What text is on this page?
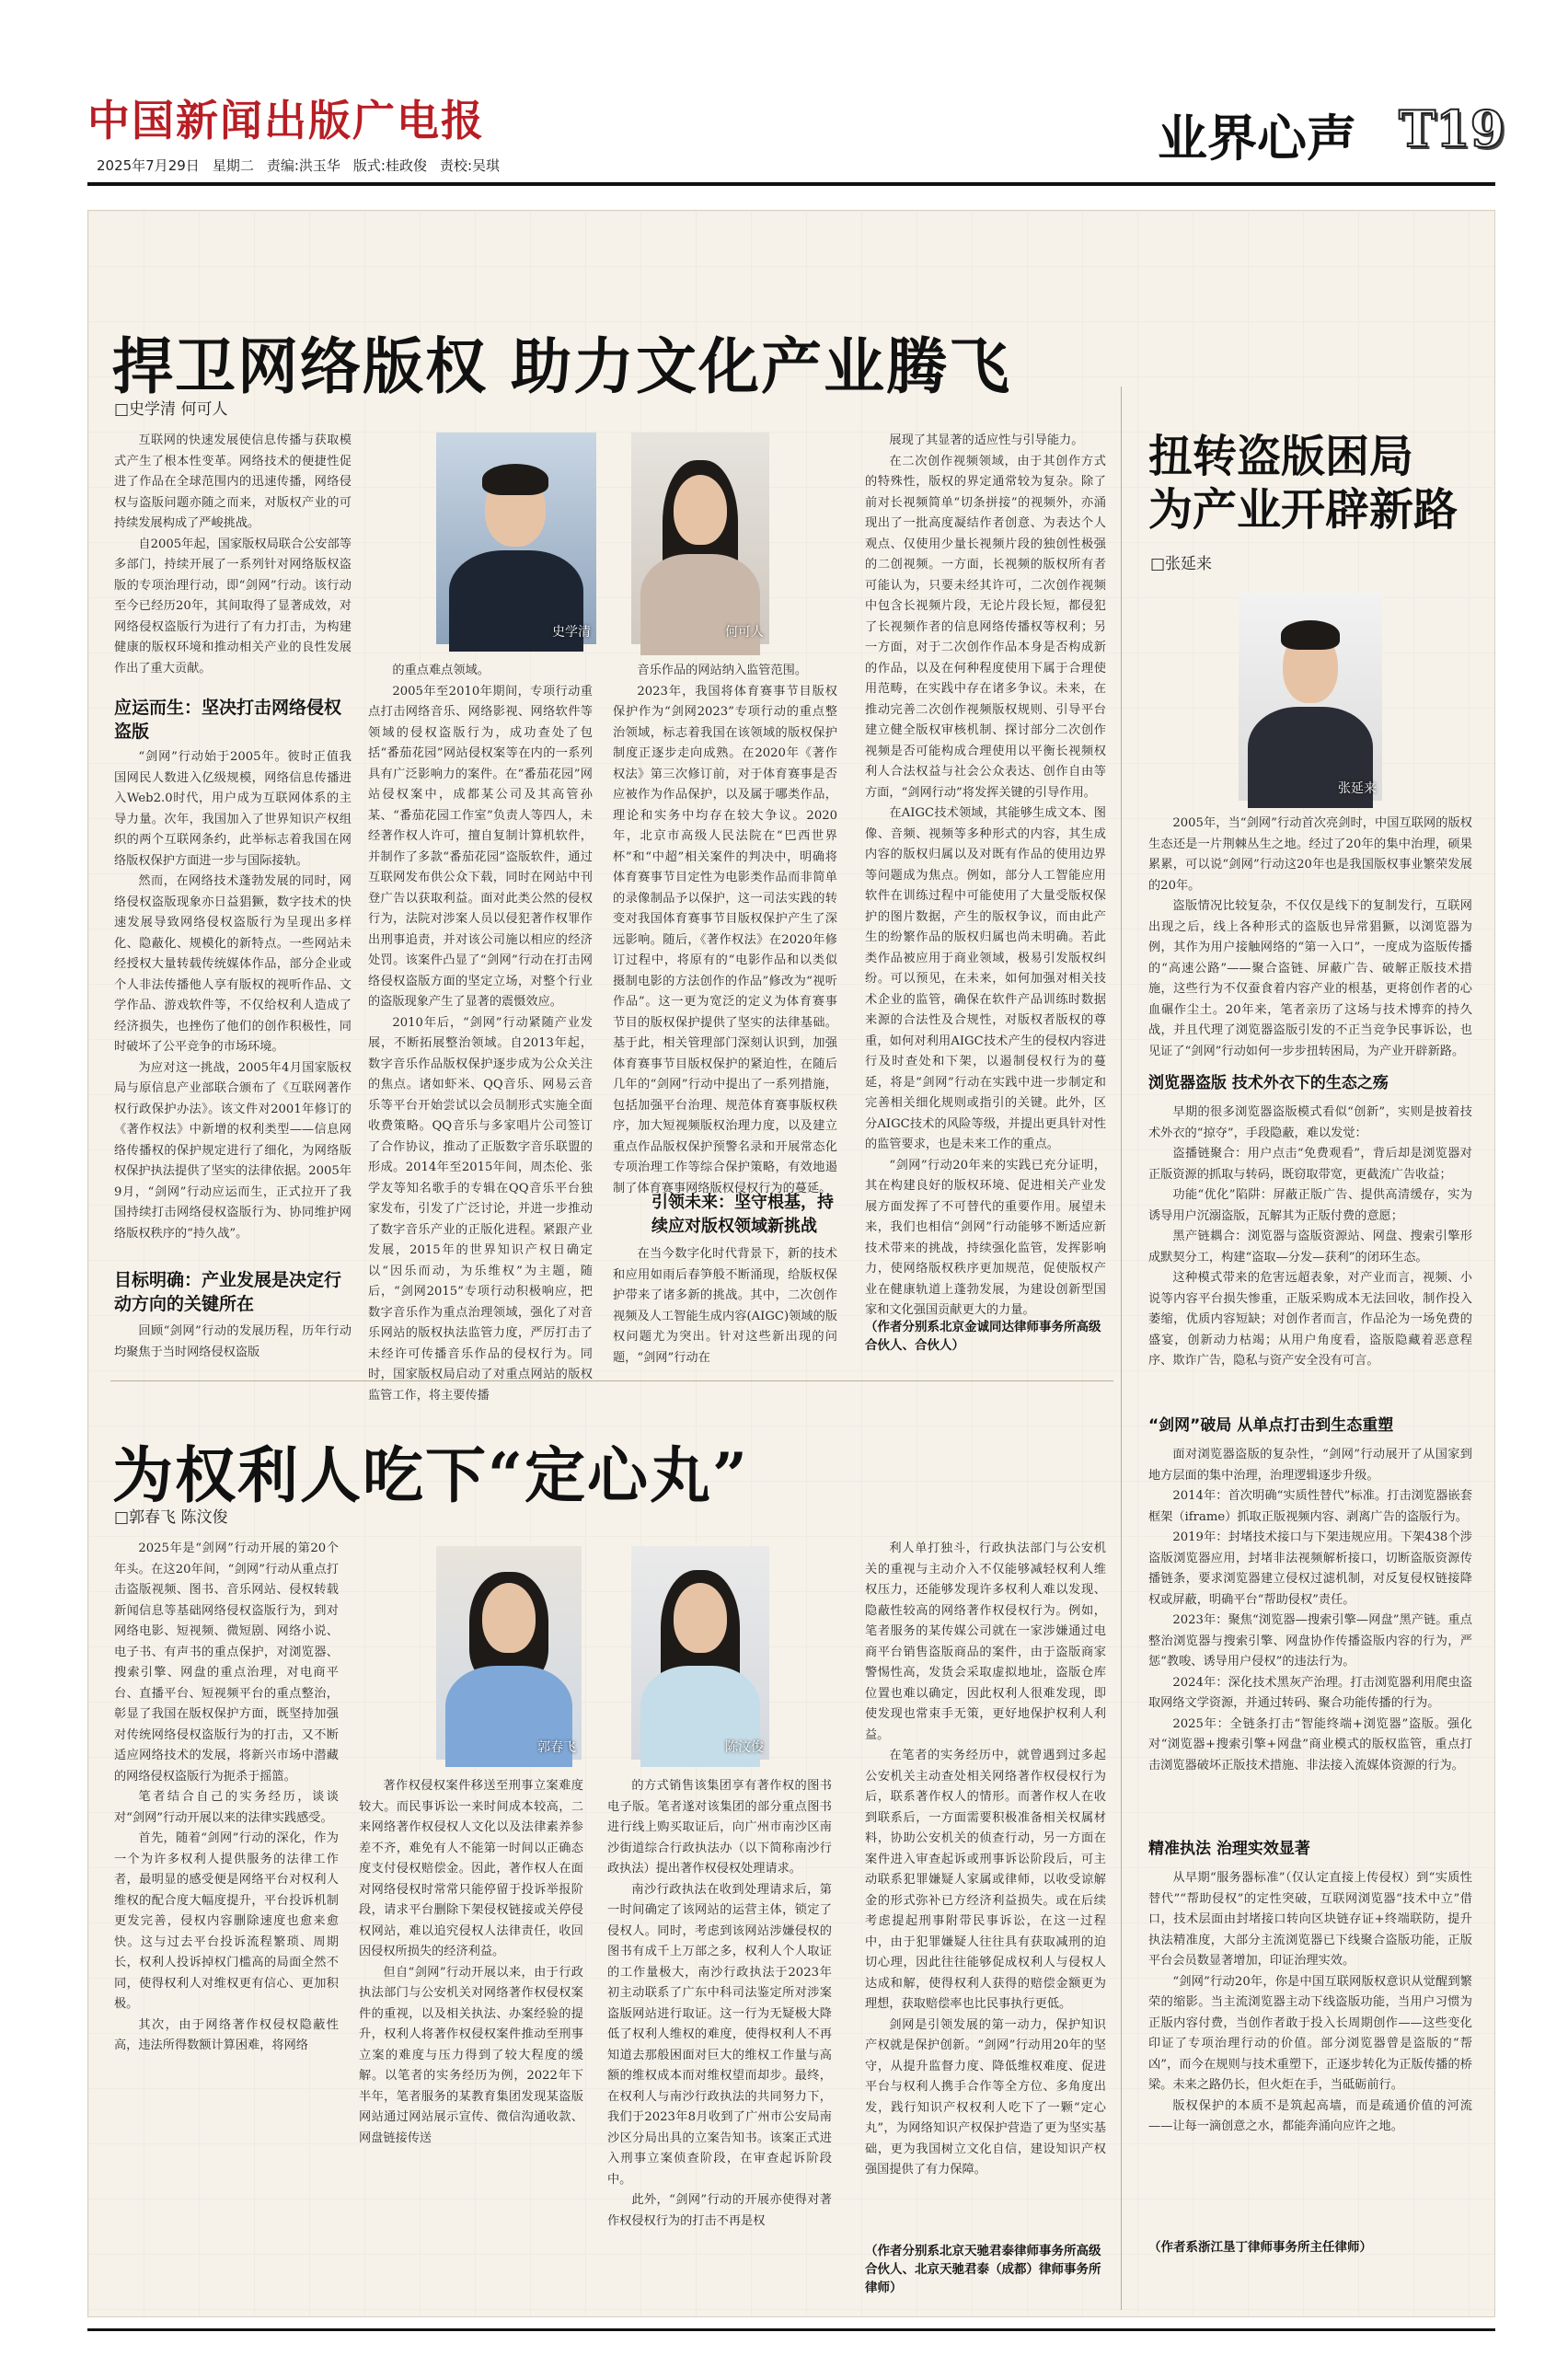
中国新闻出版广电报
2025年7月29日 星期二 责编:洪玉华 版式:桂政俊 责校:吴琪	业界心声 T19
捍卫网络版权 助力文化产业腾飞
□史学清 何可人

互联网的快速发展使信息传播与获取模式产生了根本性变革。网络技术的便捷性促进了作品在全球范围内的迅速传播，网络侵权与盗版问题亦随之而来，对版权产业的可持续发展构成了严峻挑战。

自2005年起，国家版权局联合公安部等多部门，持续开展了一系列针对网络版权盗版的专项治理行动，即“剑网”行动。该行动至今已经历20年，其间取得了显著成效，对网络侵权盗版行为进行了有力打击，为构建健康的版权环境和推动相关产业的良性发展作出了重大贡献。

应运而生：坚决打击网络侵权盗版

“剑网”行动始于2005年。彼时正值我国网民人数进入亿级规模，网络信息传播进入Web2.0时代，用户成为互联网体系的主导力量。次年，我国加入了世界知识产权组织的两个互联网条约，此举标志着我国在网络版权保护方面进一步与国际接轨。

然而，在网络技术蓬勃发展的同时，网络侵权盗版现象亦日益猖獗，数字技术的快速发展导致网络侵权盗版行为呈现出多样化、隐蔽化、规模化的新特点。一些网站未经授权大量转载传统媒体作品，部分企业或个人非法传播他人享有版权的视听作品、文学作品、游戏软件等，不仅给权利人造成了经济损失，也挫伤了他们的创作积极性，同时破坏了公平竞争的市场环境。

为应对这一挑战，2005年4月国家版权局与原信息产业部联合颁布了《互联网著作权行政保护办法》。该文件对2001年修订的《著作权法》中新增的权利类型——信息网络传播权的保护规定进行了细化，为网络版权保护执法提供了坚实的法律依据。2005年9月，“剑网”行动应运而生，正式拉开了我国持续打击网络侵权盗版行为、协同维护网络版权秩序的“持久战”。

目标明确：产业发展是决定行动方向的关键所在

回顾“剑网”行动的发展历程，历年行动均聚焦于当时网络侵权盗版

史学清	何可人

的重点难点领域。

2005年至2010年期间，专项行动重点打击网络音乐、网络影视、网络软件等领域的侵权盗版行为，成功查处了包括“番茄花园”网站侵权案等在内的一系列具有广泛影响力的案件。在“番茄花园”网站侵权案中，成都某公司及其高管孙某、“番茄花园工作室”负责人等四人，未经著作权人许可，擅自复制计算机软件，并制作了多款“番茄花园”盗版软件，通过互联网发布供公众下载，同时在网站中刊登广告以获取利益。面对此类公然的侵权行为，法院对涉案人员以侵犯著作权罪作出刑事追责，并对该公司施以相应的经济处罚。该案件凸显了“剑网”行动在打击网络侵权盗版方面的坚定立场，对整个行业的盗版现象产生了显著的震慑效应。

2010年后，“剑网”行动紧随产业发展，不断拓展整治领域。自2013年起，数字音乐作品版权保护逐步成为公众关注的焦点。诸如虾米、QQ音乐、网易云音乐等平台开始尝试以会员制形式实施全面收费策略。QQ音乐与多家唱片公司签订了合作协议，推动了正版数字音乐联盟的形成。2014年至2015年间，周杰伦、张学友等知名歌手的专辑在QQ音乐平台独家发布，引发了广泛讨论，并进一步推动了数字音乐产业的正版化进程。紧跟产业发展，2015年的世界知识产权日确定以“因乐而动，为乐维权”为主题，随后，“剑网2015”专项行动积极响应，把数字音乐作为重点治理领域，强化了对音乐网站的版权执法监管力度，严厉打击了未经许可传播音乐作品的侵权行为。同时，国家版权局启动了对重点网站的版权监管工作，将主要传播

音乐作品的网站纳入监管范围。

2023年，我国将体育赛事节目版权保护作为“剑网2023”专项行动的重点整治领域，标志着我国在该领域的版权保护制度正逐步走向成熟。在2020年《著作权法》第三次修订前，对于体育赛事是否应被作为作品保护，以及属于哪类作品，理论和实务中均存在较大争议。2020年，北京市高级人民法院在“巴西世界杯”和“中超”相关案件的判决中，明确将体育赛事节目定性为电影类作品而非简单的录像制品予以保护，这一司法实践的转变对我国体育赛事节目版权保护产生了深远影响。随后，《著作权法》在2020年修订过程中，将原有的“电影作品和以类似摄制电影的方法创作的作品”修改为“视听作品”。这一更为宽泛的定义为体育赛事节目的版权保护提供了坚实的法律基础。基于此，相关管理部门深刻认识到，加强体育赛事节目版权保护的紧迫性，在随后几年的“剑网”行动中提出了一系列措施，包括加强平台治理、规范体育赛事版权秩序，加大短视频版权治理力度，以及建立重点作品版权保护预警名录和开展常态化专项治理工作等综合保护策略，有效地遏制了体育赛事网络版权侵权行为的蔓延。

引领未来：坚守根基，持续应对版权领域新挑战

在当今数字化时代背景下，新的技术和应用如雨后春笋般不断涌现，给版权保护带来了诸多新的挑战。其中，二次创作视频及人工智能生成内容(AIGC)领域的版权问题尤为突出。针对这些新出现的问题，“剑网”行动在

展现了其显著的适应性与引导能力。

在二次创作视频领域，由于其创作方式的特殊性，版权的界定通常较为复杂。除了前对长视频简单“切条拼接”的视频外，亦涌现出了一批高度凝结作者创意、为表达个人观点、仅使用少量长视频片段的独创性极强的二创视频。一方面，长视频的版权所有者可能认为，只要未经其许可，二次创作视频中包含长视频片段，无论片段长短，都侵犯了长视频作者的信息网络传播权等权利；另一方面，对于二次创作作品本身是否构成新的作品，以及在何种程度使用下属于合理使用范畴，在实践中存在诸多争议。未来，在推动完善二次创作视频版权规则、引导平台建立健全版权审核机制、探讨部分二次创作视频是否可能构成合理使用以平衡长视频权利人合法权益与社会公众表达、创作自由等方面，“剑网行动”将发挥关键的引导作用。

在AIGC技术领域，其能够生成文本、图像、音频、视频等多种形式的内容，其生成内容的版权归属以及对既有作品的使用边界等问题成为焦点。例如，部分人工智能应用软件在训练过程中可能使用了大量受版权保护的图片数据，产生的版权争议，而由此产生的纷繁作品的版权归属也尚未明确。若此类作品被应用于商业领域，极易引发版权纠纷。可以预见，在未来，如何加强对相关技术企业的监管，确保在软件产品训练时数据来源的合法性及合规性，对版权者版权的尊重，如何对利用AIGC技术产生的侵权内容进行及时查处和下架，以遏制侵权行为的蔓延，将是“剑网”行动在实践中进一步制定和完善相关细化规则或指引的关键。此外，区分AIGC技术的风险等级，并提出更具针对性的监管要求，也是未来工作的重点。

“剑网”行动20年来的实践已充分证明，其在构建良好的版权环境、促进相关产业发展方面发挥了不可替代的重要作用。展望未来，我们也相信“剑网”行动能够不断适应新技术带来的挑战，持续强化监管，发挥影响力，使网络版权秩序更加规范，促使版权产业在健康轨道上蓬勃发展，为建设创新型国家和文化强国贡献更大的力量。

（作者分别系北京金诚同达律师事务所高级合伙人、合伙人）
为权利人吃下“定心丸”
□郭春飞 陈汶俊

2025年是“剑网”行动开展的第20个年头。在这20年间，“剑网”行动从重点打击盗版视频、图书、音乐网站、侵权转载新闻信息等基础网络侵权盗版行为，到对网络电影、短视频、微短剧、网络小说、电子书、有声书的重点保护，对浏览器、搜索引擎、网盘的重点治理，对电商平台、直播平台、短视频平台的重点整治，彰显了我国在版权保护方面，既坚持加强对传统网络侵权盗版行为的打击，又不断适应网络技术的发展，将新兴市场中潜藏的网络侵权盗版行为扼杀于摇篮。

笔者结合自己的实务经历，谈谈对“剑网”行动开展以来的法律实践感受。

首先，随着“剑网”行动的深化，作为一个为许多权利人提供服务的法律工作者，最明显的感受便是网络平台对权利人维权的配合度大幅度提升，平台投诉机制更发完善，侵权内容删除速度也愈来愈快。这与过去平台投诉流程繁琐、周期长，权利人投诉掉权门槛高的局面全然不同，使得权利人对维权更有信心、更加积极。

其次，由于网络著作权侵权隐蔽性高，违法所得数额计算困难，将网络

郭春飞	陈汶俊

著作权侵权案件移送至刑事立案难度较大。而民事诉讼一来时间成本较高，二来网络著作权侵权人文化以及法律素养参差不齐，难免有人不能第一时间以正确态度支付侵权赔偿金。因此，著作权人在面对网络侵权时常常只能停留于投诉举报阶段，请求平台删除下架侵权链接或关停侵权网站，难以追究侵权人法律责任，收回因侵权所损失的经济利益。

但自“剑网”行动开展以来，由于行政执法部门与公安机关对网络著作权侵权案件的重视，以及相关执法、办案经验的提升，权利人将著作权侵权案件推动至刑事立案的难度与压力得到了较大程度的缓解。以笔者的实务经历为例，2022年下半年，笔者服务的某教育集团发现某盗版网站通过网站展示宣传、微信沟通收款、网盘链接传送

的方式销售该集团享有著作权的图书电子版。笔者遂对该集团的部分重点图书进行线上购买取证后，向广州市南沙区南沙街道综合行政执法办（以下简称南沙行政执法）提出著作权侵权处理请求。

南沙行政执法在收到处理请求后，第一时间确定了该网站的运营主体，锁定了侵权人。同时，考虑到该网站涉嫌侵权的图书有成千上万部之多，权利人个人取证的工作量极大，南沙行政执法于2023年初主动联系了广东中科司法鉴定所对涉案盗版网站进行取证。这一行为无疑极大降低了权利人维权的难度，使得权利人不再知道去那般困面对巨大的维权工作量与高额的维权成本而对维权望而却步。最终，在权利人与南沙行政执法的共同努力下，我们于2023年8月收到了广州市公安局南沙区分局出具的立案告知书。该案正式进入刑事立案侦查阶段，在审查起诉阶段中。

此外，“剑网”行动的开展亦使得对著作权侵权行为的打击不再是权

利人单打独斗，行政执法部门与公安机关的重视与主动介入不仅能够减轻权利人维权压力，还能够发现许多权利人难以发现、隐蔽性较高的网络著作权侵权行为。例如，笔者服务的某传媒公司就在一家涉嫌通过电商平台销售盗版商品的案件，由于盗版商家警惕性高，发货会采取虚拟地址，盗版仓库位置也难以确定，因此权利人很难发现，即使发现也常束手无策，更好地保护权利人利益。

在笔者的实务经历中，就曾遇到过多起公安机关主动查处相关网络著作权侵权行为后，联系著作权人的情形。而著作权人在收到联系后，一方面需要积极准备相关权属材料，协助公安机关的侦查行动，另一方面在案件进入审查起诉或刑事诉讼阶段后，可主动联系犯罪嫌疑人家属或律师，以收受谅解金的形式弥补已方经济利益损失。或在后续考虑提起刑事附带民事诉讼，在这一过程中，由于犯罪嫌疑人往往具有获取减刑的迫切心理，因此往往能够促成权利人与侵权人达成和解，使得权利人获得的赔偿金额更为理想，获取赔偿率也比民事执行更低。

剑网是引领发展的第一动力，保护知识产权就是保护创新。“剑网”行动用20年的坚守，从提升监督力度、降低维权难度、促进平台与权利人携手合作等全方位、多角度出发，践行知识产权权利人吃下了一颗“定心丸”，为网络知识产权保护营造了更为坚实基础，更为我国树立文化自信，建设知识产权强国提供了有力保障。

（作者分别系北京天驰君泰律师事务所高级合伙人、北京天驰君泰（成都）律师事务所律师）
扭转盗版困局
为产业开辟新路
□张延来
张延来

2005年，当“剑网”行动首次亮剑时，中国互联网的版权生态还是一片荆棘丛生之地。经过了20年的集中治理，硕果累累，可以说“剑网”行动这20年也是我国版权事业繁荣发展的20年。

盗版情况比较复杂，不仅仅是线下的复制发行，互联网出现之后，线上各种形式的盗版也异常猖獗，以浏览器为例，其作为用户接触网络的“第一入口”，一度成为盗版传播的“高速公路”——聚合盗链、屏蔽广告、破解正版技术措施，这些行为不仅蚕食着内容产业的根基，更将创作者的心血碾作尘土。20年来，笔者亲历了这场与技术博弈的持久战，并且代理了浏览器盗版引发的不正当竞争民事诉讼，也见证了“剑网”行动如何一步步扭转困局，为产业开辟新路。

浏览器盗版 技术外衣下的生态之殇

早期的很多浏览器盗版模式看似“创新”，实则是披着技术外衣的“掠夺”，手段隐蔽，难以发觉：

盗播链聚合：用户点击“免费观看”，背后却是浏览器对正版资源的抓取与转码，既窃取带宽，更截流广告收益；

功能“优化”陷阱：屏蔽正版广告、提供高清缓存，实为诱导用户沉溺盗版，瓦解其为正版付费的意愿；

黑产链耦合：浏览器与盗版资源站、网盘、搜索引擎形成默契分工，构建“盗取—分发—获利”的闭环生态。

这种模式带来的危害远超表象，对产业而言，视频、小说等内容平台损失惨重，正版采购成本无法回收，制作投入萎缩，优质内容短缺；对创作者而言，作品沦为一场免费的盛宴，创新动力枯竭；从用户角度看，盗版隐藏着恶意程序、欺诈广告，隐私与资产安全没有可言。

“剑网”破局 从单点打击到生态重塑

面对浏览器盗版的复杂性，“剑网”行动展开了从国家到地方层面的集中治理，治理逻辑逐步升级。

2014年：首次明确“实质性替代”标准。打击浏览器嵌套框架（iframe）抓取正版视频内容、剥离广告的盗版行为。

2019年：封堵技术接口与下架违规应用。下架438个涉盗版浏览器应用，封堵非法视频解析接口，切断盗版资源传播链条，要求浏览器建立侵权过滤机制，对反复侵权链接降权或屏蔽，明确平台“帮助侵权”责任。

2023年：聚焦“浏览器—搜索引擎—网盘”黑产链。重点整治浏览器与搜索引擎、网盘协作传播盗版内容的行为，严惩“教唆、诱导用户侵权”的违法行为。

2024年：深化技术黑灰产治理。打击浏览器利用爬虫盗取网络文学资源，并通过转码、聚合功能传播的行为。

2025年：全链条打击“智能终端+浏览器”盗版。强化对“浏览器+搜索引擎+网盘”商业模式的版权监管，重点打击浏览器破坏正版技术措施、非法接入流媒体资源的行为。

精准执法 治理实效显著

从早期“服务器标准”（仅认定直接上传侵权）到“实质性替代”“帮助侵权”的定性突破，互联网浏览器“技术中立”借口，技术层面由封堵接口转向区块链存证+终端联防，提升执法精准度，大部分主流浏览器已下线聚合盗版功能，正版平台会员数显著增加，印证治理实效。

“剑网”行动20年，你是中国互联网版权意识从觉醒到繁荣的缩影。当主流浏览器主动下线盗版功能，当用户习惯为正版内容付费，当创作者敢于投入长周期创作——这些变化印证了专项治理行动的价值。部分浏览器曾是盗版的“帮凶”，而今在规则与技术重塑下，正逐步转化为正版传播的桥梁。未来之路仍长，但火炬在手，当砥砺前行。

版权保护的本质不是筑起高墙，而是疏通价值的河流——让每一滴创意之水，都能奔涌向应许之地。

（作者系浙江垦丁律师事务所主任律师）
